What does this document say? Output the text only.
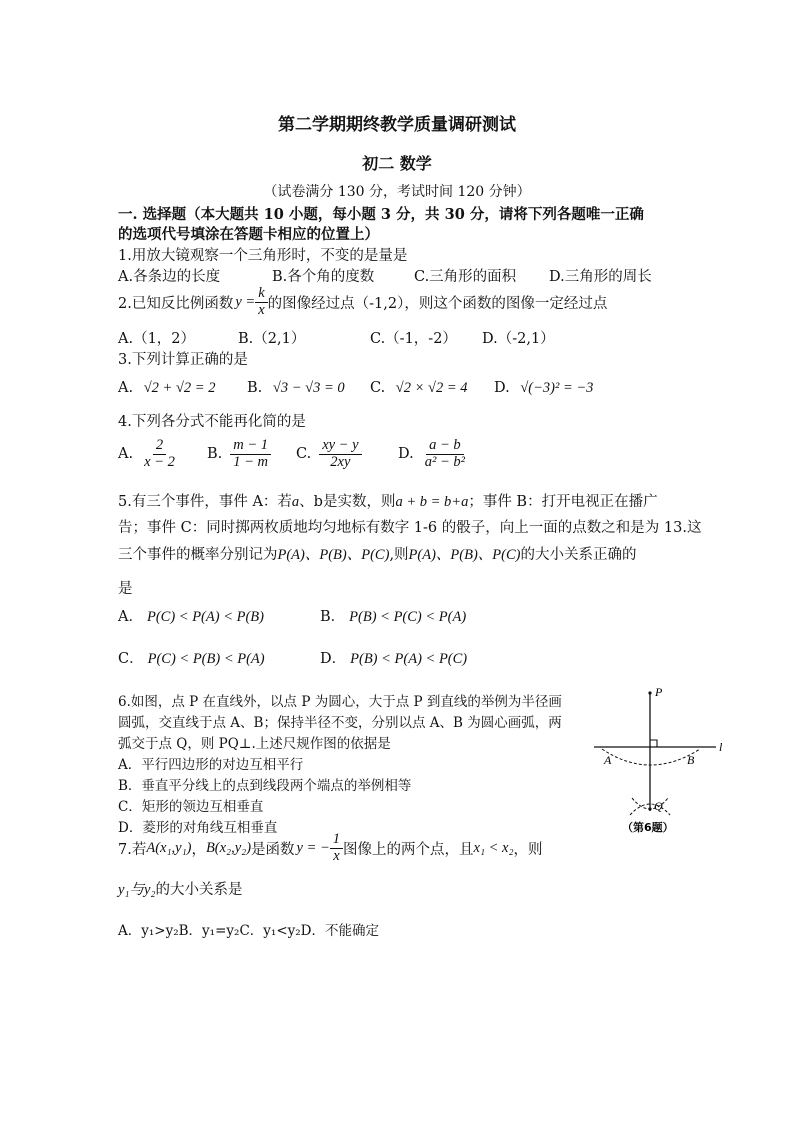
第二学期期终教学质量调研测试
初二 数学
（试卷满分 130 分，考试时间 120 分钟）
一. 选择题（本大题共 10 小题，每小题 3 分，共 30 分，请将下列各题唯一正确
的选项代号填涂在答题卡相应的位置上）
1.用放大镜观察一个三角形时，不变的是量是
A.各条边的长度	B.各个角的度数	C.三角形的面积 D.三角形的周长
2.已知反比例函数 $y = \frac{k}{x}$ 的图像经过点（-1,2），则这个函数的图像一定经过点
A.（1，2）	B.（2,1）	C.（-1，-2） D.（-2,1）
3.下列计算正确的是
A. √2 + √2 = 2 B. √3 − √3 = 0 C. √2 × √2 = 4 D. √(−3)² = −3
4.下列各分式不能再化简的是
A. $\frac{2}{x - 2} B$. $\frac{m - 1}{1 - m} C$. $\frac{xy - y}{2xy}$	D. $\frac{a - b}{\text{a² − b²}}$
5.有三个事件，事件 A：若a、b是实数，则a + b = b+a；事件 B：打开电视正在播广
告；事件 C：同时掷两枚质地均匀地标有数字 1-6 的骰子，向上一面的点数之和是为 13.这
三个事件的概率分别记为P(A)、P(B)、P(C),则P(A)、P(B)、P(C)的大小关系正确的
是
A． P(C) < P(A) < P(B)	B． P(B) < P(C) < P(A)
C． P(C) < P(B) < P(A)	D． P(B) < P(A) < P(C)
6.如图，点 P 在直线外，以点 P 为圆心，大于点 P 到直线的举例为半径画
圆弧，交直线于点 A、B；保持半径不变，分别以点 A、B 为圆心画弧，两
弧交于点 Q，则 PQ⊥.上述尺规作图的依据是
A．平行四边形的对边互相平行
B．垂直平分线上的点到线段两个端点的举例相等
C．矩形的领边互相垂直
D．菱形的对角线互相垂直
P
l
A	B
Q
（第6题）
7.若 A(x₁,y₁) ， B(x₂,y₂) 是函数 y = − $\frac{1}{x}$ 图像上的两个点，且 x₁ < x₂ ，则
y₁与y₂的大小关系是
A．y₁>y₂B．y₁=y₂C．y₁<y₂D．不能确定
